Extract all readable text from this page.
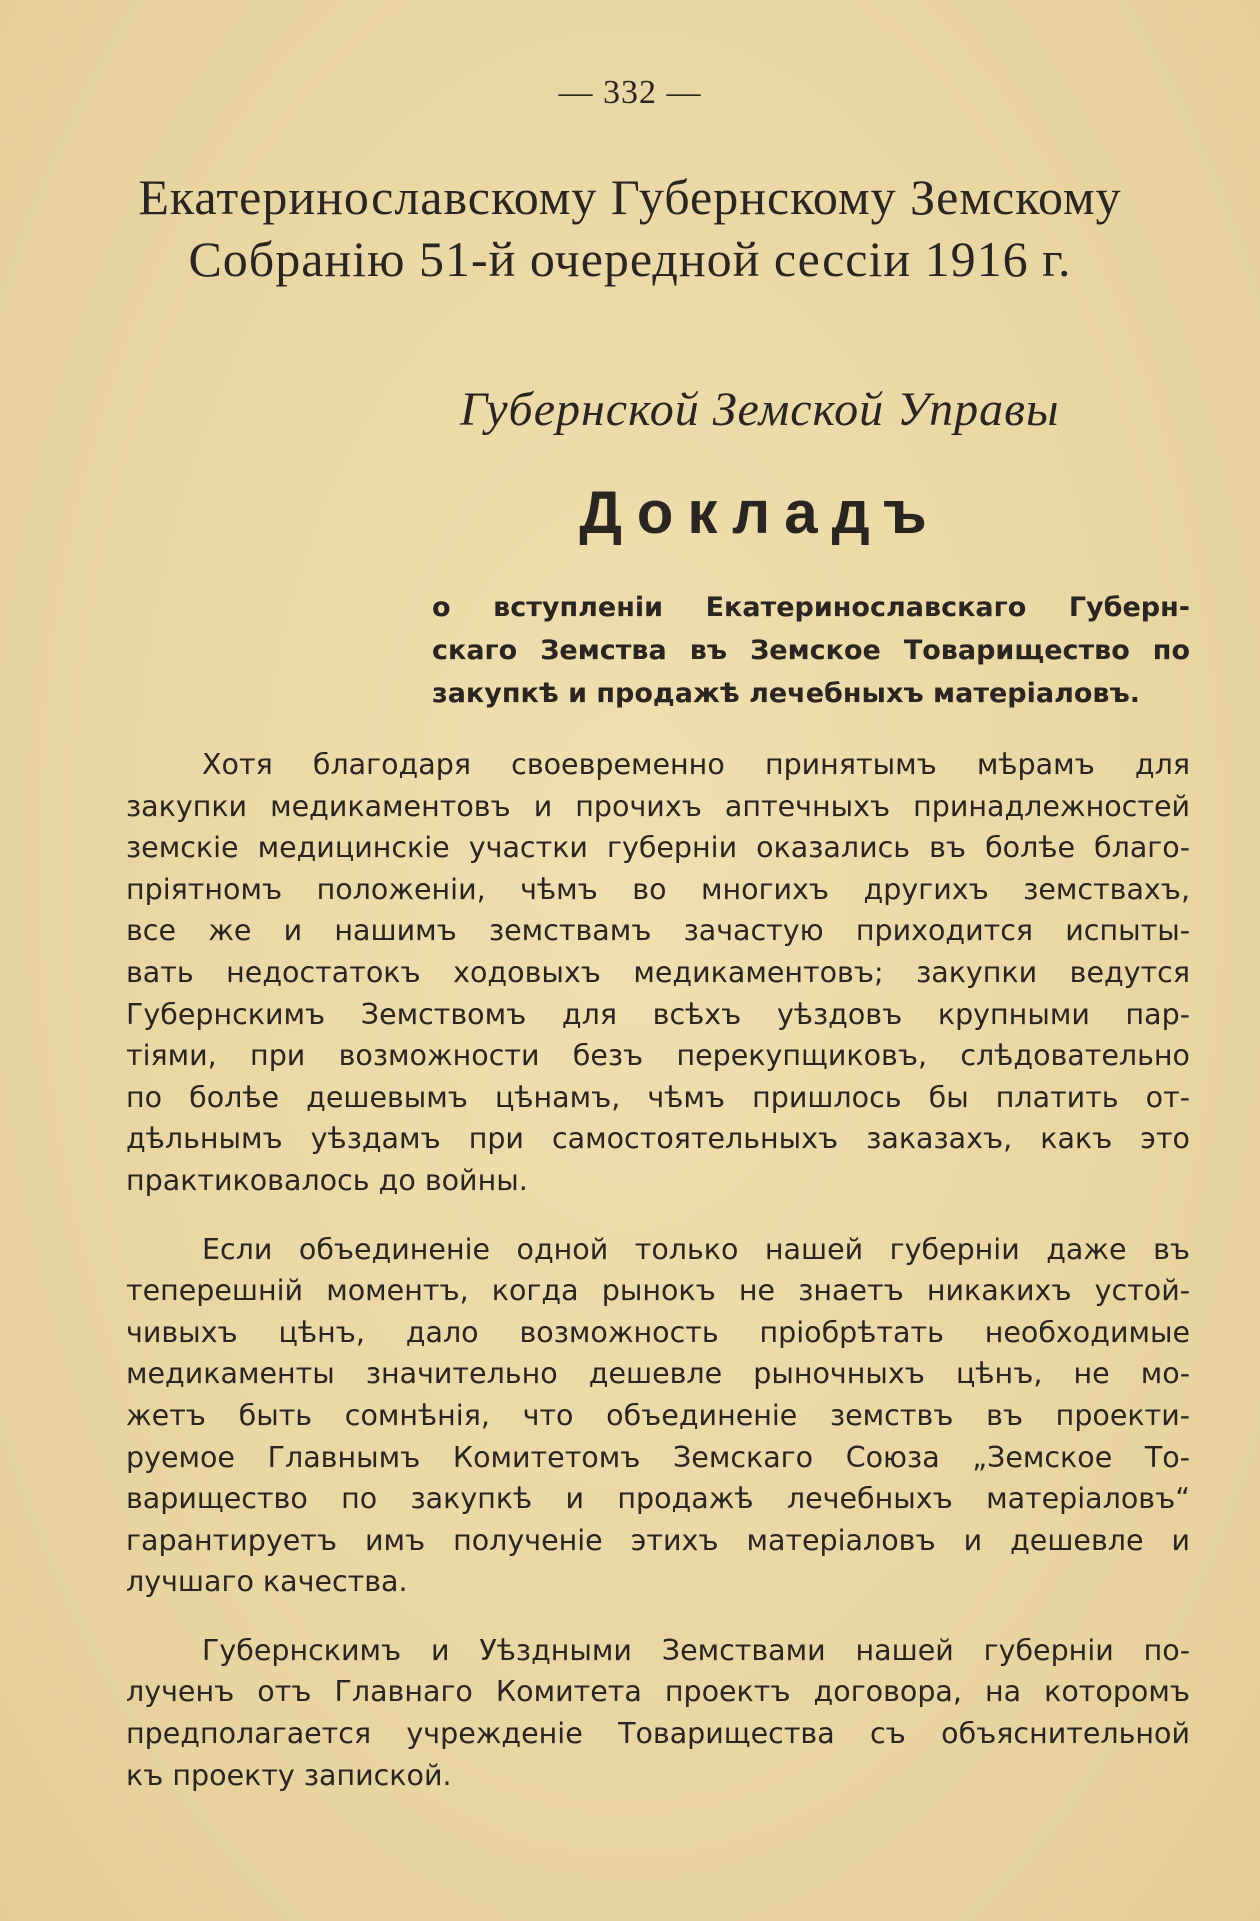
— 332 —
Екатеринославскому Губернскому Земскому
Собранію 51-й очередной сессіи 1916 г.
Губернской Земской Управы
Докладъ
о вступленіи Екатеринославскаго Губерн-
скаго Земства въ Земское Товарищество по
закупкѣ и продажѣ лечебныхъ матеріаловъ.
Хотя благодаря своевременно принятымъ мѣрамъ для
закупки медикаментовъ и прочихъ аптечныхъ принадлежностей
земскіе медицинскіе участки губерніи оказались въ болѣе благо-
пріятномъ положеніи, чѣмъ во многихъ другихъ земствахъ,
все же и нашимъ земствамъ зачастую приходится испыты-
вать недостатокъ ходовыхъ медикаментовъ; закупки ведутся
Губернскимъ Земствомъ для всѣхъ уѣздовъ крупными пар-
тіями, при возможности безъ перекупщиковъ, слѣдовательно
по болѣе дешевымъ цѣнамъ, чѣмъ пришлось бы платить от-
дѣльнымъ уѣздамъ при самостоятельныхъ заказахъ, какъ это
практиковалось до войны.
Если объединеніе одной только нашей губерніи даже въ
теперешній моментъ, когда рынокъ не знаетъ никакихъ устой-
чивыхъ цѣнъ, дало возможность пріобрѣтать необходимые
медикаменты значительно дешевле рыночныхъ цѣнъ, не мо-
жетъ быть сомнѣнія, что объединеніе земствъ въ проекти-
руемое Главнымъ Комитетомъ Земскаго Союза „Земское То-
варищество по закупкѣ и продажѣ лечебныхъ матеріаловъ“
гарантируетъ имъ полученіе этихъ матеріаловъ и дешевле и
лучшаго качества.
Губернскимъ и Уѣздными Земствами нашей губерніи по-
лученъ отъ Главнаго Комитета проектъ договора, на которомъ
предполагается учрежденіе Товарищества съ объяснительной
къ проекту запиской.
